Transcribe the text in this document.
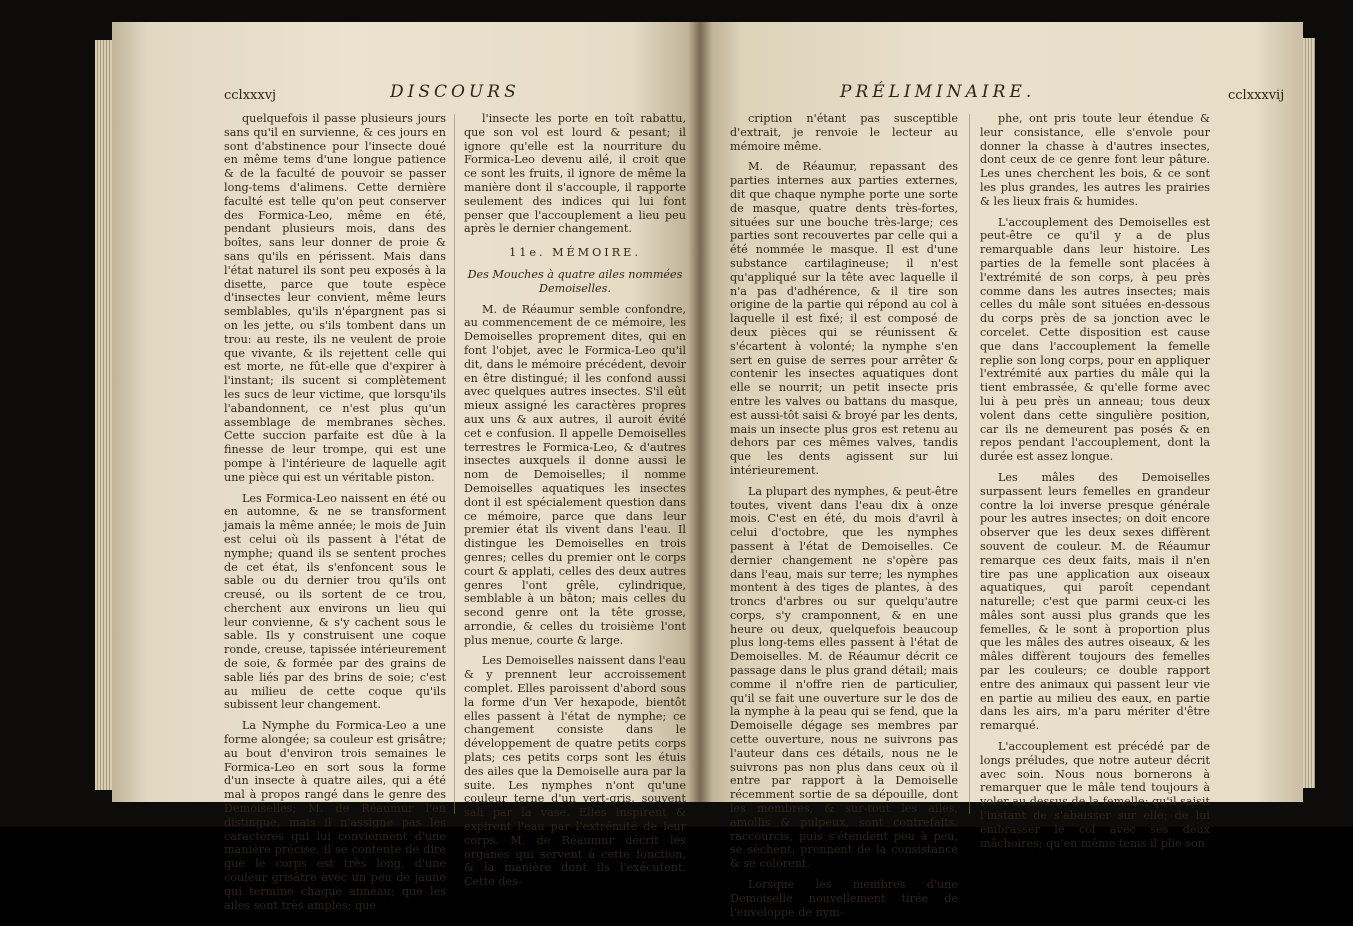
cclxxxvj	DISCOURS

quelquefois il passe plusieurs jours sans qu'il en survienne, & ces jours en sont d'abstinence pour l'insecte doué en même tems d'une longue patience & de la faculté de pouvoir se passer long-tems d'alimens. Cette dernière faculté est telle qu'on peut conserver des Formica-Leo, même en été, pendant plusieurs mois, dans des boîtes, sans leur donner de proie & sans qu'ils en périssent. Mais dans l'état naturel ils sont peu exposés à la disette, parce que toute espèce d'insectes leur convient, même leurs semblables, qu'ils n'épargnent pas si on les jette, ou s'ils tombent dans un trou: au reste, ils ne veulent de proie que vivante, & ils rejettent celle qui est morte, ne fût-elle que d'expirer à l'instant; ils sucent si complètement les sucs de leur victime, que lorsqu'ils l'abandonnent, ce n'est plus qu'un assemblage de membranes sèches. Cette succion parfaite est dûe à la finesse de leur trompe, qui est une pompe à l'intérieure de laquelle agit une pièce qui est un véritable piston.

Les Formica-Leo naissent en été ou en automne, & ne se transforment jamais la même année; le mois de Juin est celui où ils passent à l'état de nymphe; quand ils se sentent proches de cet état, ils s'enfoncent sous le sable ou du dernier trou qu'ils ont creusé, ou ils sortent de ce trou, cherchent aux environs un lieu qui leur convienne, & s'y cachent sous le sable. Ils y construisent une coque ronde, creuse, tapissée intérieurement de soie, & formée par des grains de sable liés par des brins de soie; c'est au milieu de cette coque qu'ils subissent leur changement.

La Nymphe du Formica-Leo a une forme alongée; sa couleur est grisâtre; au bout d'environ trois semaines le Formica-Leo en sort sous la forme d'un insecte à quatre ailes, qui a été mal à propos rangé dans le genre des Demoiselles; M. de Réaumur l'en distingue, mais il n'assigne pas les caractères qui lui conviennent d'une manière précise, il se contente de dire que le corps est très long, d'une couleur grisâtre avec un peu de jaune qui termine chaque anneau; que les ailes sont très amples; que

l'insecte les porte en toît rabattu, que son vol est lourd & pesant; il ignore qu'elle est la nourriture du Formica-Leo devenu ailé, il croit que ce sont les fruits, il ignore de même la manière dont il s'accouple, il rapporte seulement des indices qui lui font penser que l'accouplement a lieu peu après le dernier changement.

11e. MÉMOIRE.

Des Mouches à quatre ailes nommées Demoiselles.

M. de Réaumur semble confondre, au commencement de ce mémoire, les Demoiselles proprement dites, qui en font l'objet, avec le Formica-Leo qu'il dit, dans le mémoire précédent, devoir en être distingué; il les confond aussi avec quelques autres insectes. S'il eût mieux assigné les caractères propres aux uns & aux autres, il auroit évité cet e confusion. Il appelle Demoiselles terrestres le Formica-Leo, & d'autres insectes auxquels il donne aussi le nom de Demoiselles; il nomme Demoiselles aquatiques les insectes dont il est spécialement question dans ce mémoire, parce que dans leur premier état ils vivent dans l'eau. Il distingue les Demoiselles en trois genres; celles du premier ont le corps court & applati, celles des deux autres genres l'ont grêle, cylindrique, semblable à un bâton; mais celles du second genre ont la tête grosse, arrondie, & celles du troisième l'ont plus menue, courte & large.

Les Demoiselles naissent dans l'eau & y prennent leur accroissement complet. Elles paroissent d'abord sous la forme d'un Ver hexapode, bientôt elles passent à l'état de nymphe; ce changement consiste dans le développement de quatre petits corps plats; ces petits corps sont les étuis des ailes que la Demoiselle aura par la suite. Les nymphes n'ont qu'une couleur terne d'un vert-gris, souvent sali par la vase. Elles inspirent & expirent l'eau par l'extrémité de leur corps. M. de Réaumur décrit les organes qui servent à cette fonction, & la manière dont ils l'exécutent. Cette des-

PRÉLIMINAIRE.	cclxxxvij

cription n'étant pas susceptible d'extrait, je renvoie le lecteur au mémoire même.

M. de Réaumur, repassant des parties internes aux parties externes, dit que chaque nymphe porte une sorte de masque, quatre dents très-fortes, situées sur une bouche très-large; ces parties sont recouvertes par celle qui a été nommée le masque. Il est d'une substance cartilagineuse; il n'est qu'appliqué sur la tête avec laquelle il n'a pas d'adhérence, & il tire son origine de la partie qui répond au col à laquelle il est fixé; il est composé de deux pièces qui se réunissent & s'écartent à volonté; la nymphe s'en sert en guise de serres pour arrêter & contenir les insectes aquatiques dont elle se nourrit; un petit insecte pris entre les valves ou battans du masque, est aussi-tôt saisi & broyé par les dents, mais un insecte plus gros est retenu au dehors par ces mêmes valves, tandis que les dents agissent sur lui intérieurement.

La plupart des nymphes, & peut-être toutes, vivent dans l'eau dix à onze mois. C'est en été, du mois d'avril à celui d'octobre, que les nymphes passent à l'état de Demoiselles. Ce dernier changement ne s'opère pas dans l'eau, mais sur terre; les nymphes montent à des tiges de plantes, à des troncs d'arbres ou sur quelqu'autre corps, s'y cramponnent, & en une heure ou deux, quelquefois beaucoup plus long-tems elles passent à l'état de Demoiselles. M. de Réaumur décrit ce passage dans le plus grand détail; mais comme il n'offre rien de particulier, qu'il se fait une ouverture sur le dos de la nymphe à la peau qui se fend, que la Demoiselle dégage ses membres par cette ouverture, nous ne suivrons pas l'auteur dans ces détails, nous ne le suivrons pas non plus dans ceux où il entre par rapport à la Demoiselle récemment sortie de sa dépouille, dont les membres, & sur-tout les ailes, amollis & pulpeux, sont contrefaits, raccourcis, puis s'étendent peu à peu, se sèchent, prennent de la consistance & se colorent.

Lorsque les membres d'une Demoiselle nouvellement tirée de l'enveloppe de nym-

phe, ont pris toute leur étendue & leur consistance, elle s'envole pour donner la chasse à d'autres insectes, dont ceux de ce genre font leur pâture. Les unes cherchent les bois, & ce sont les plus grandes, les autres les prairies & les lieux frais & humides.

L'accouplement des Demoiselles est peut-être ce qu'il y a de plus remarquable dans leur histoire. Les parties de la femelle sont placées à l'extrémité de son corps, à peu près comme dans les autres insectes; mais celles du mâle sont situées en-dessous du corps près de sa jonction avec le corcelet. Cette disposition est cause que dans l'accouplement la femelle replie son long corps, pour en appliquer l'extrémité aux parties du mâle qui la tient embrassée, & qu'elle forme avec lui à peu près un anneau; tous deux volent dans cette singulière position, car ils ne demeurent pas posés & en repos pendant l'accouplement, dont la durée est assez longue.

Les mâles des Demoiselles surpassent leurs femelles en grandeur contre la loi inverse presque générale pour les autres insectes; on doit encore observer que les deux sexes diffèrent souvent de couleur. M. de Réaumur remarque ces deux faits, mais il n'en tire pas une application aux oiseaux aquatiques, qui paroît cependant naturelle; c'est que parmi ceux-ci les mâles sont aussi plus grands que les femelles, & le sont à proportion plus que les mâles des autres oiseaux, & les mâles diffèrent toujours des femelles par les couleurs; ce double rapport entre des animaux qui passent leur vie en partie au milieu des eaux, en partie dans les airs, m'a paru mériter d'être remarqué.

L'accouplement est précédé par de longs préludes, que notre auteur décrit avec soin. Nous nous bornerons à remarquer que le mâle tend toujours à voler au dessus de la femelle; qu'il saisit l'instant de s'abaisser sur elle; de lui embrasser le col avec ses deux mâchoires; qu'en même tems il plie son
